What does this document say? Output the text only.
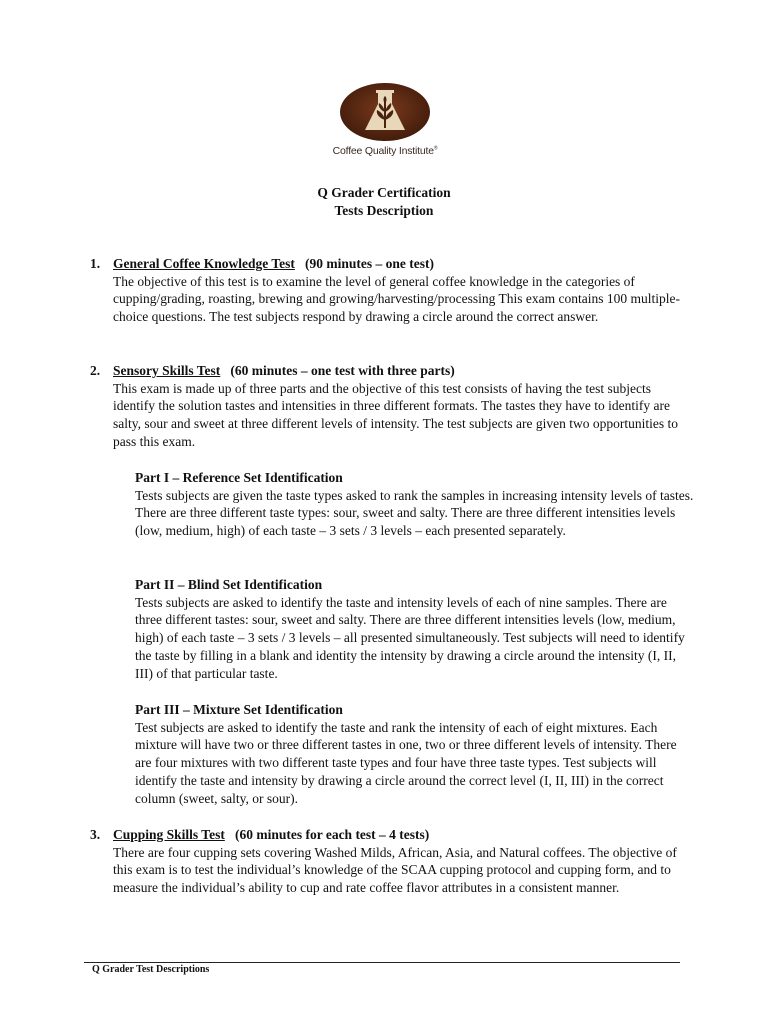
Coffee Quality Institute®
Q Grader Certification
Tests Description
1. General Coffee Knowledge Test (90 minutes – one test)
The objective of this test is to examine the level of general coffee knowledge in the categories of cupping/grading, roasting, brewing and growing/harvesting/processing This exam contains 100 multiple-choice questions. The test subjects respond by drawing a circle around the correct answer.
2. Sensory Skills Test (60 minutes – one test with three parts)
This exam is made up of three parts and the objective of this test consists of having the test subjects identify the solution tastes and intensities in three different formats. The tastes they have to identify are salty, sour and sweet at three different levels of intensity. The test subjects are given two opportunities to pass this exam.
Part I – Reference Set Identification
Tests subjects are given the taste types asked to rank the samples in increasing intensity levels of tastes. There are three different taste types: sour, sweet and salty. There are three different intensities levels (low, medium, high) of each taste – 3 sets / 3 levels – each presented separately.
Part II – Blind Set Identification
Tests subjects are asked to identify the taste and intensity levels of each of nine samples. There are three different tastes: sour, sweet and salty. There are three different intensities levels (low, medium, high) of each taste – 3 sets / 3 levels – all presented simultaneously. Test subjects will need to identify the taste by filling in a blank and identity the intensity by drawing a circle around the intensity (I, II, III) of that particular taste.
Part III – Mixture Set Identification
Test subjects are asked to identify the taste and rank the intensity of each of eight mixtures. Each mixture will have two or three different tastes in one, two or three different levels of intensity. There are four mixtures with two different taste types and four have three taste types. Test subjects will identify the taste and intensity by drawing a circle around the correct level (I, II, III) in the correct column (sweet, salty, or sour).
3. Cupping Skills Test (60 minutes for each test – 4 tests)
There are four cupping sets covering Washed Milds, African, Asia, and Natural coffees. The objective of this exam is to test the individual’s knowledge of the SCAA cupping protocol and cupping form, and to measure the individual’s ability to cup and rate coffee flavor attributes in a consistent manner.
Q Grader Test Descriptions
